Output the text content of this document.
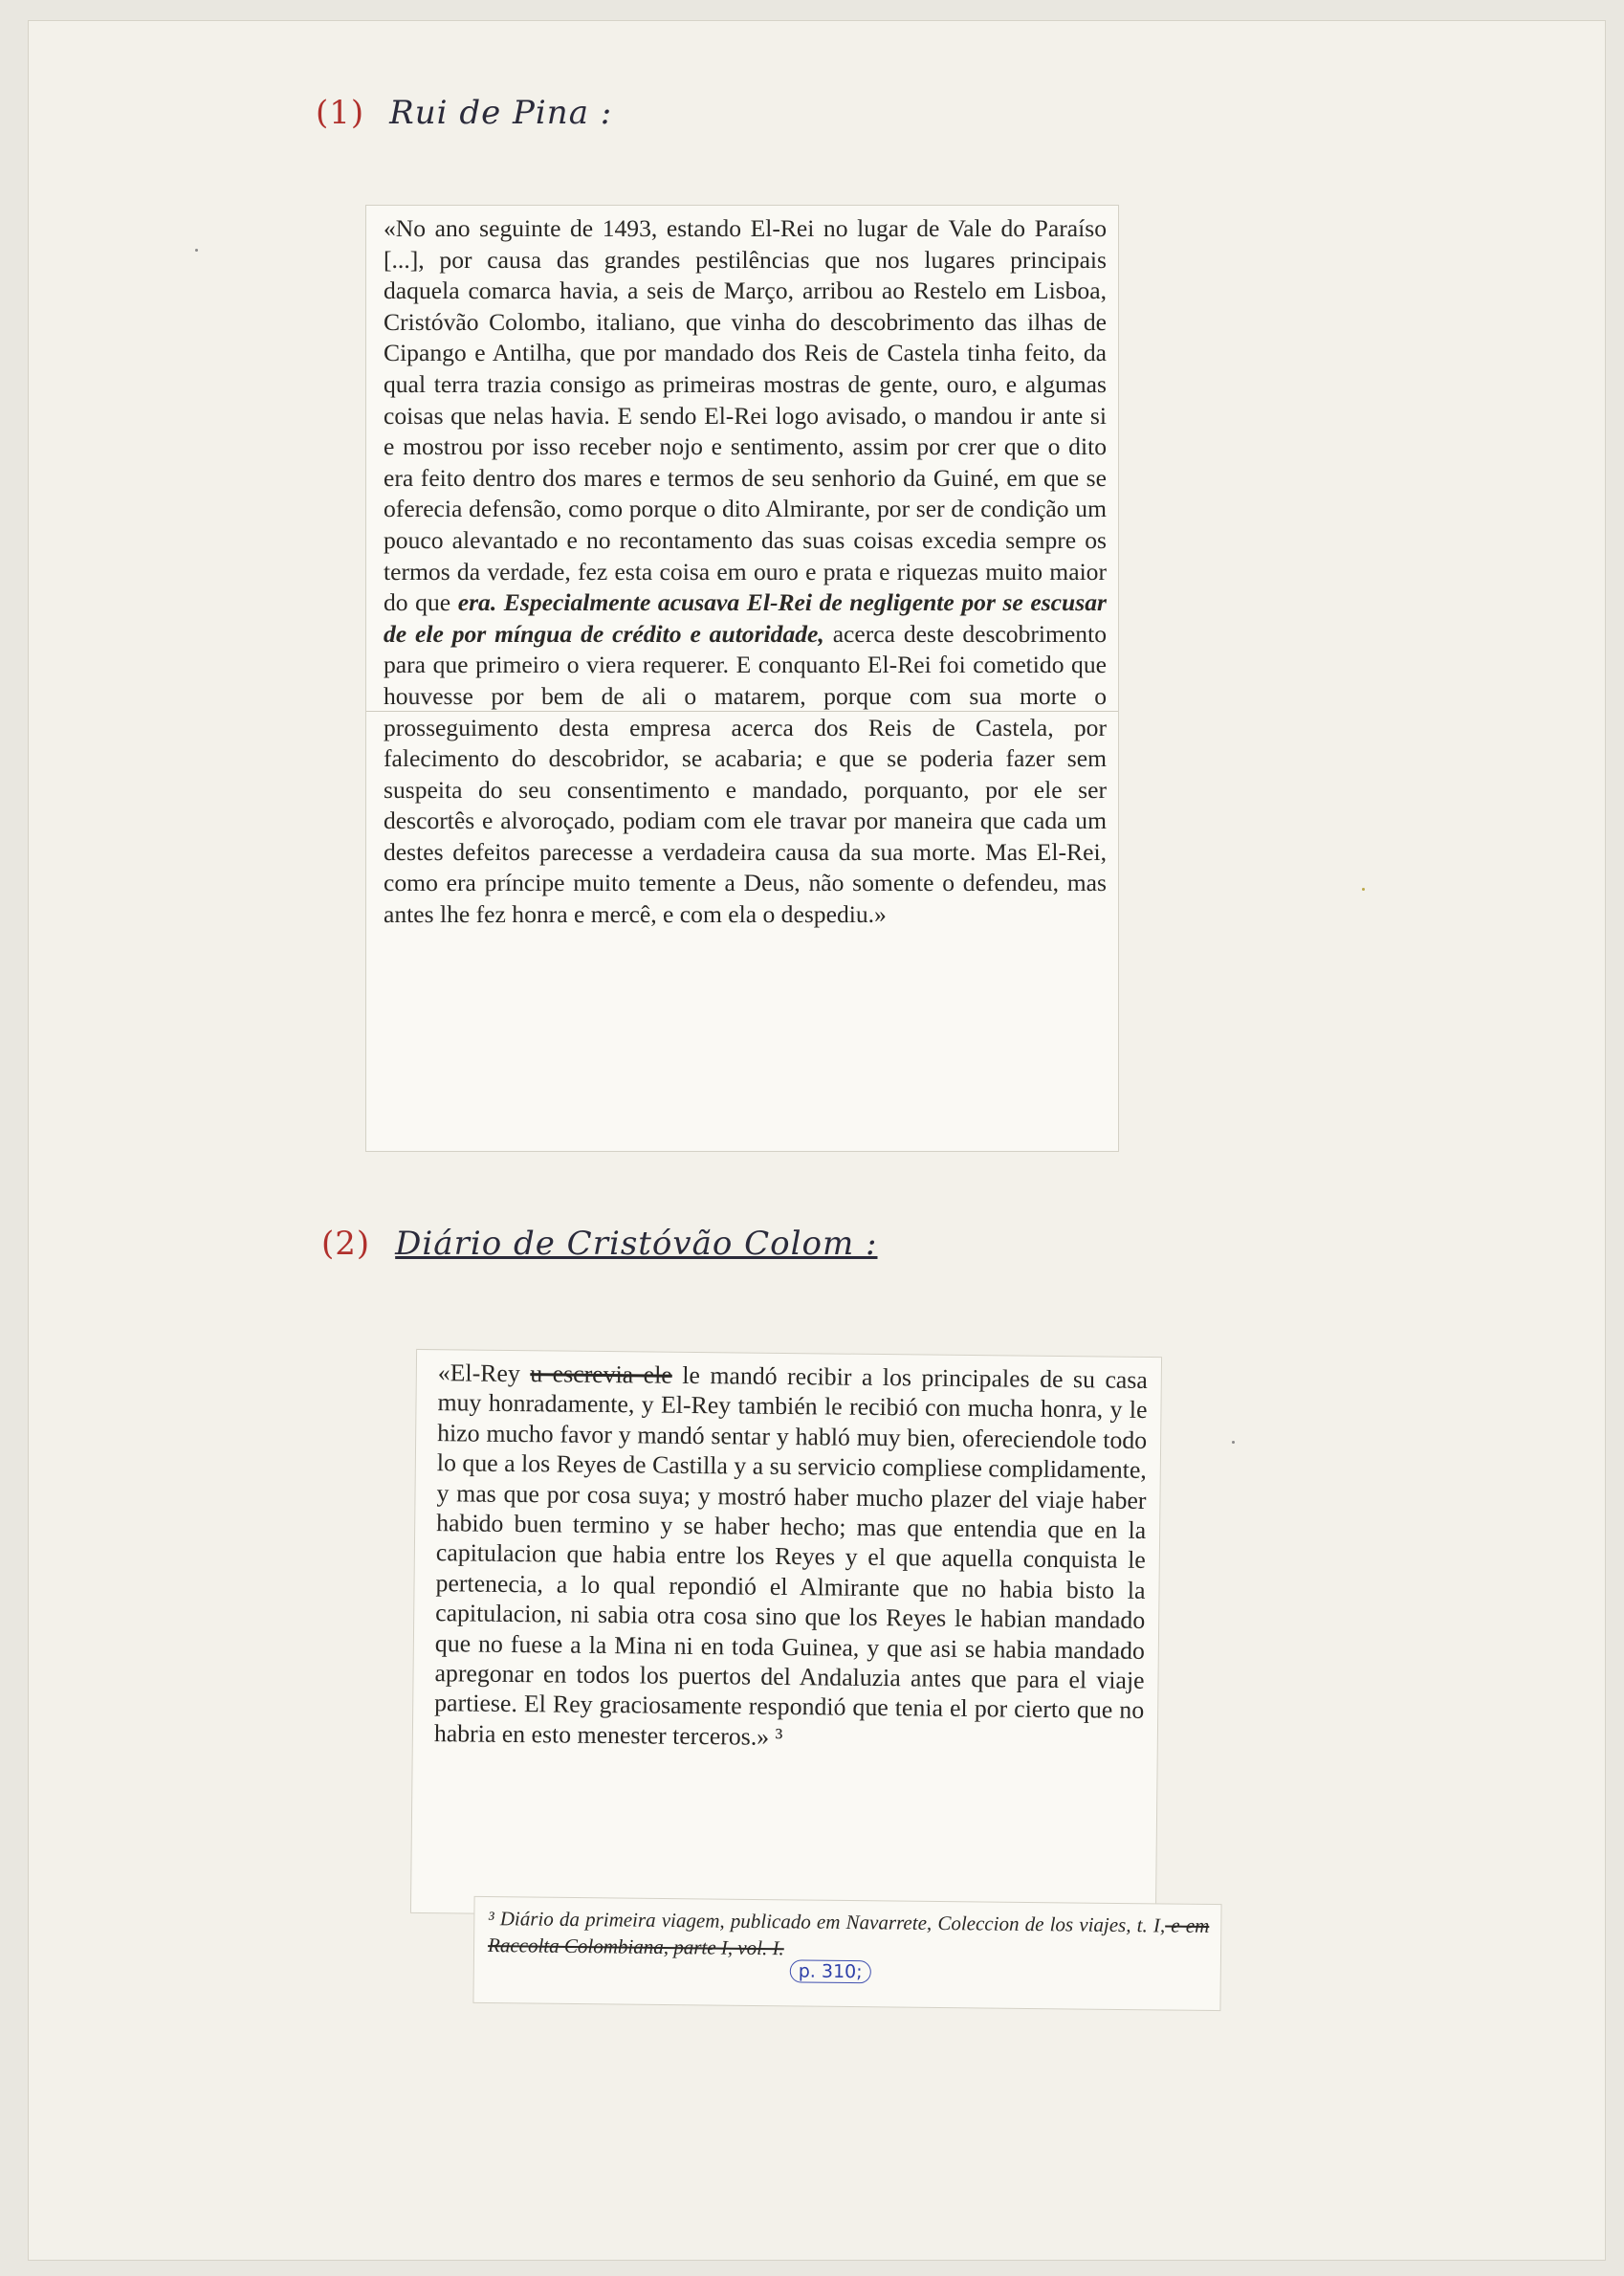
(1) Rui de Pina :

«No ano seguinte de 1493, estando El-Rei no lugar de Vale do Paraíso [...], por causa das grandes pestilências que nos lugares principais daquela comarca havia, a seis de Março, arribou ao Restelo em Lisboa, Cristóvão Colombo, italiano, que vinha do descobrimento das ilhas de Cipango e Antilha, que por mandado dos Reis de Castela tinha feito, da qual terra trazia consigo as primeiras mostras de gente, ouro, e algumas coisas que nelas havia. E sendo El-Rei logo avisado, o mandou ir ante si e mostrou por isso receber nojo e sentimento, assim por crer que o dito era feito dentro dos mares e termos de seu senhorio da Guiné, em que se oferecia defensão, como porque o dito Almirante, por ser de condição um pouco alevantado e no recontamento das suas coisas excedia sempre os termos da verdade, fez esta coisa em ouro e prata e riquezas muito maior do que era. Especialmente acusava El-Rei de negligente por se escusar de ele por míngua de crédito e autoridade, acerca deste descobrimento para que primeiro o viera requerer. E conquanto El-Rei foi cometido que houvesse por bem de ali o matarem, porque com sua morte o prosseguimento desta empresa acerca dos Reis de Castela, por falecimento do descobridor, se acabaria; e que se poderia fazer sem suspeita do seu consentimento e mandado, porquanto, por ele ser descortês e alvoroçado, podiam com ele travar por maneira que cada um destes defeitos parecesse a verdadeira causa da sua morte. Mas El-Rei, como era príncipe muito temente a Deus, não somente o defendeu, mas antes lhe fez honra e mercê, e com ela o despediu.»

(2) Diário de Cristóvão Colom :

«El-Rey u escrevia ele le mandó recibir a los principales de su casa muy honradamente, y El-Rey también le recibió con mucha honra, y le hizo mucho favor y mandó sentar y habló muy bien, ofereciendole todo lo que a los Reyes de Castilla y a su servicio compliese complidamente, y mas que por cosa suya; y mostró haber mucho plazer del viaje haber habido buen termino y se haber hecho; mas que entendia que en la capitulacion que habia entre los Reyes y el que aquella conquista le pertenecia, a lo qual repondió el Almirante que no habia bisto la capitulacion, ni sabia otra cosa sino que los Reyes le habian mandado que no fuese a la Mina ni en toda Guinea, y que asi se habia mandado apregonar en todos los puertos del Andaluzia antes que para el viaje partiese. El Rey graciosamente respondió que tenia el por cierto que no habria en esto menester terceros.» ³

³ Diário da primeira viagem, publicado em Navarrete, Coleccion de los viajes, t. I, e em Raccolta Colombiana, parte I, vol. I.

p. 310;
